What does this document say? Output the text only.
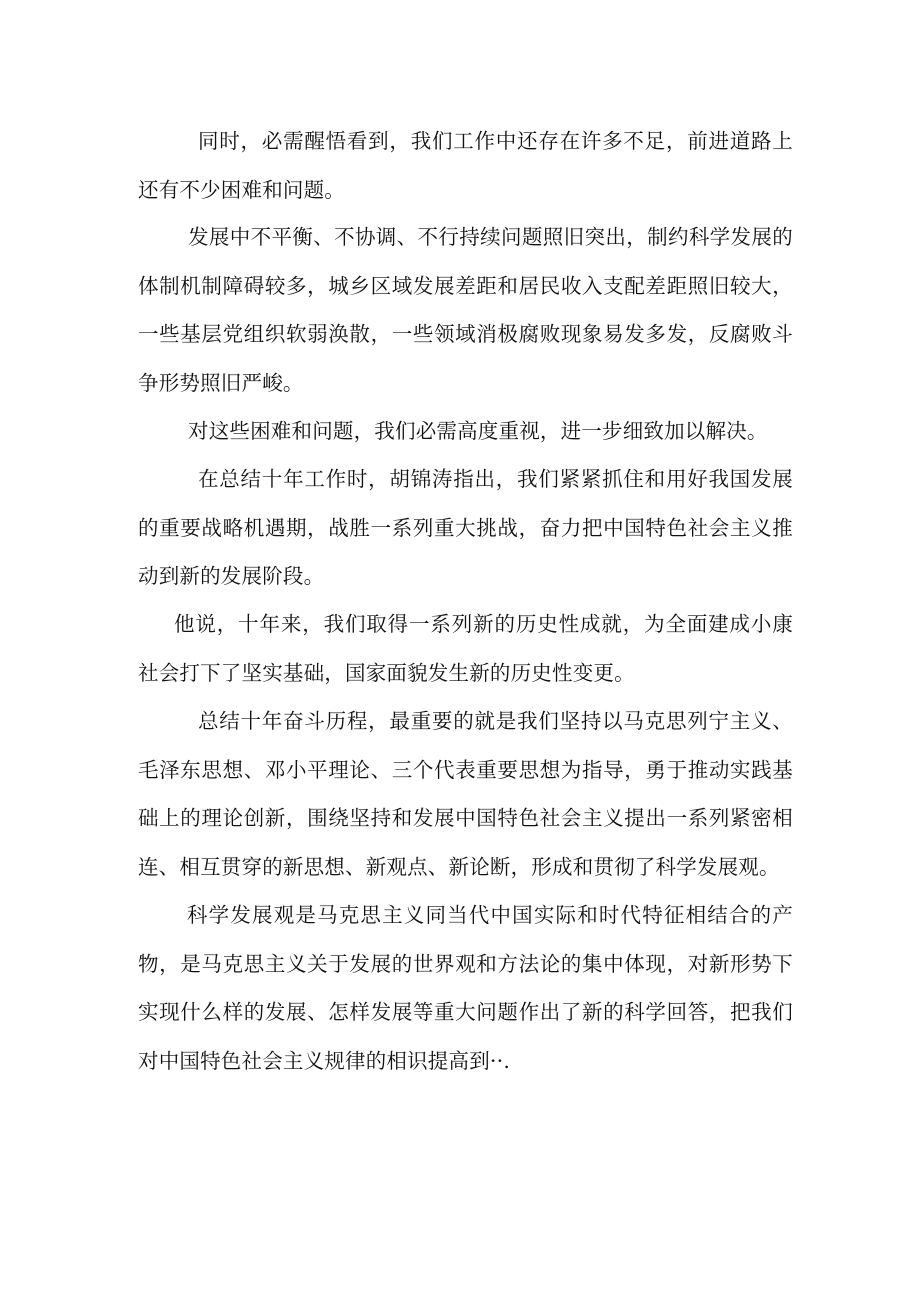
同时，必需醒悟看到，我们工作中还存在许多不足，前进道路上还有不少困难和问题。

发展中不平衡、不协调、不行持续问题照旧突出，制约科学发展的体制机制障碍较多，城乡区域发展差距和居民收入支配差距照旧较大，一些基层党组织软弱涣散，一些领域消极腐败现象易发多发，反腐败斗争形势照旧严峻。

对这些困难和问题，我们必需高度重视，进一步细致加以解决。

在总结十年工作时，胡锦涛指出，我们紧紧抓住和用好我国发展的重要战略机遇期，战胜一系列重大挑战，奋力把中国特色社会主义推动到新的发展阶段。

他说，十年来，我们取得一系列新的历史性成就，为全面建成小康社会打下了坚实基础，国家面貌发生新的历史性变更。

总结十年奋斗历程，最重要的就是我们坚持以马克思列宁主义、毛泽东思想、邓小平理论、三个代表重要思想为指导，勇于推动实践基础上的理论创新，围绕坚持和发展中国特色社会主义提出一系列紧密相连、相互贯穿的新思想、新观点、新论断，形成和贯彻了科学发展观。

科学发展观是马克思主义同当代中国实际和时代特征相结合的产物，是马克思主义关于发展的世界观和方法论的集中体现，对新形势下实现什么样的发展、怎样发展等重大问题作出了新的科学回答，把我们对中国特色社会主义规律的相识提高到··.
